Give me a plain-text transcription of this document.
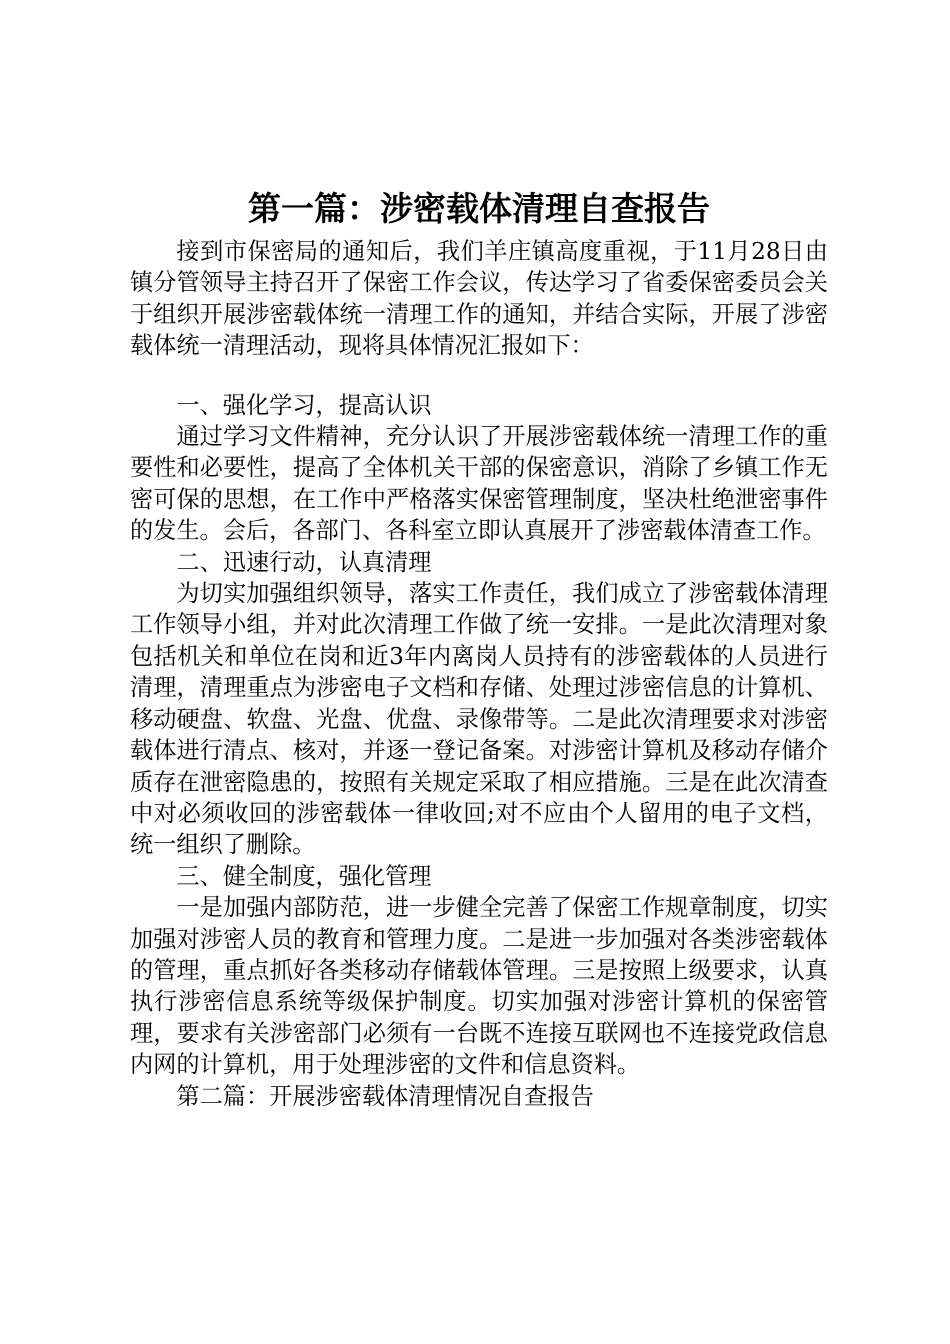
第一篇：涉密载体清理自查报告

接到市保密局的通知后，我们羊庄镇高度重视，于11月28日由镇分管领导主持召开了保密工作会议，传达学习了省委保密委员会关于组织开展涉密载体统一清理工作的通知，并结合实际，开展了涉密载体统一清理活动，现将具体情况汇报如下：

一、强化学习，提高认识

通过学习文件精神，充分认识了开展涉密载体统一清理工作的重要性和必要性，提高了全体机关干部的保密意识，消除了乡镇工作无密可保的思想，在工作中严格落实保密管理制度，坚决杜绝泄密事件的发生。会后，各部门、各科室立即认真展开了涉密载体清查工作。

二、迅速行动，认真清理

为切实加强组织领导，落实工作责任，我们成立了涉密载体清理工作领导小组，并对此次清理工作做了统一安排。一是此次清理对象包括机关和单位在岗和近3年内离岗人员持有的涉密载体的人员进行清理，清理重点为涉密电子文档和存储、处理过涉密信息的计算机、移动硬盘、软盘、光盘、优盘、录像带等。二是此次清理要求对涉密载体进行清点、核对，并逐一登记备案。对涉密计算机及移动存储介质存在泄密隐患的，按照有关规定采取了相应措施。三是在此次清查中对必须收回的涉密载体一律收回;对不应由个人留用的电子文档，统一组织了删除。

三、健全制度，强化管理

一是加强内部防范，进一步健全完善了保密工作规章制度，切实加强对涉密人员的教育和管理力度。二是进一步加强对各类涉密载体的管理，重点抓好各类移动存储载体管理。三是按照上级要求，认真执行涉密信息系统等级保护制度。切实加强对涉密计算机的保密管理，要求有关涉密部门必须有一台既不连接互联网也不连接党政信息内网的计算机，用于处理涉密的文件和信息资料。

第二篇：开展涉密载体清理情况自查报告
